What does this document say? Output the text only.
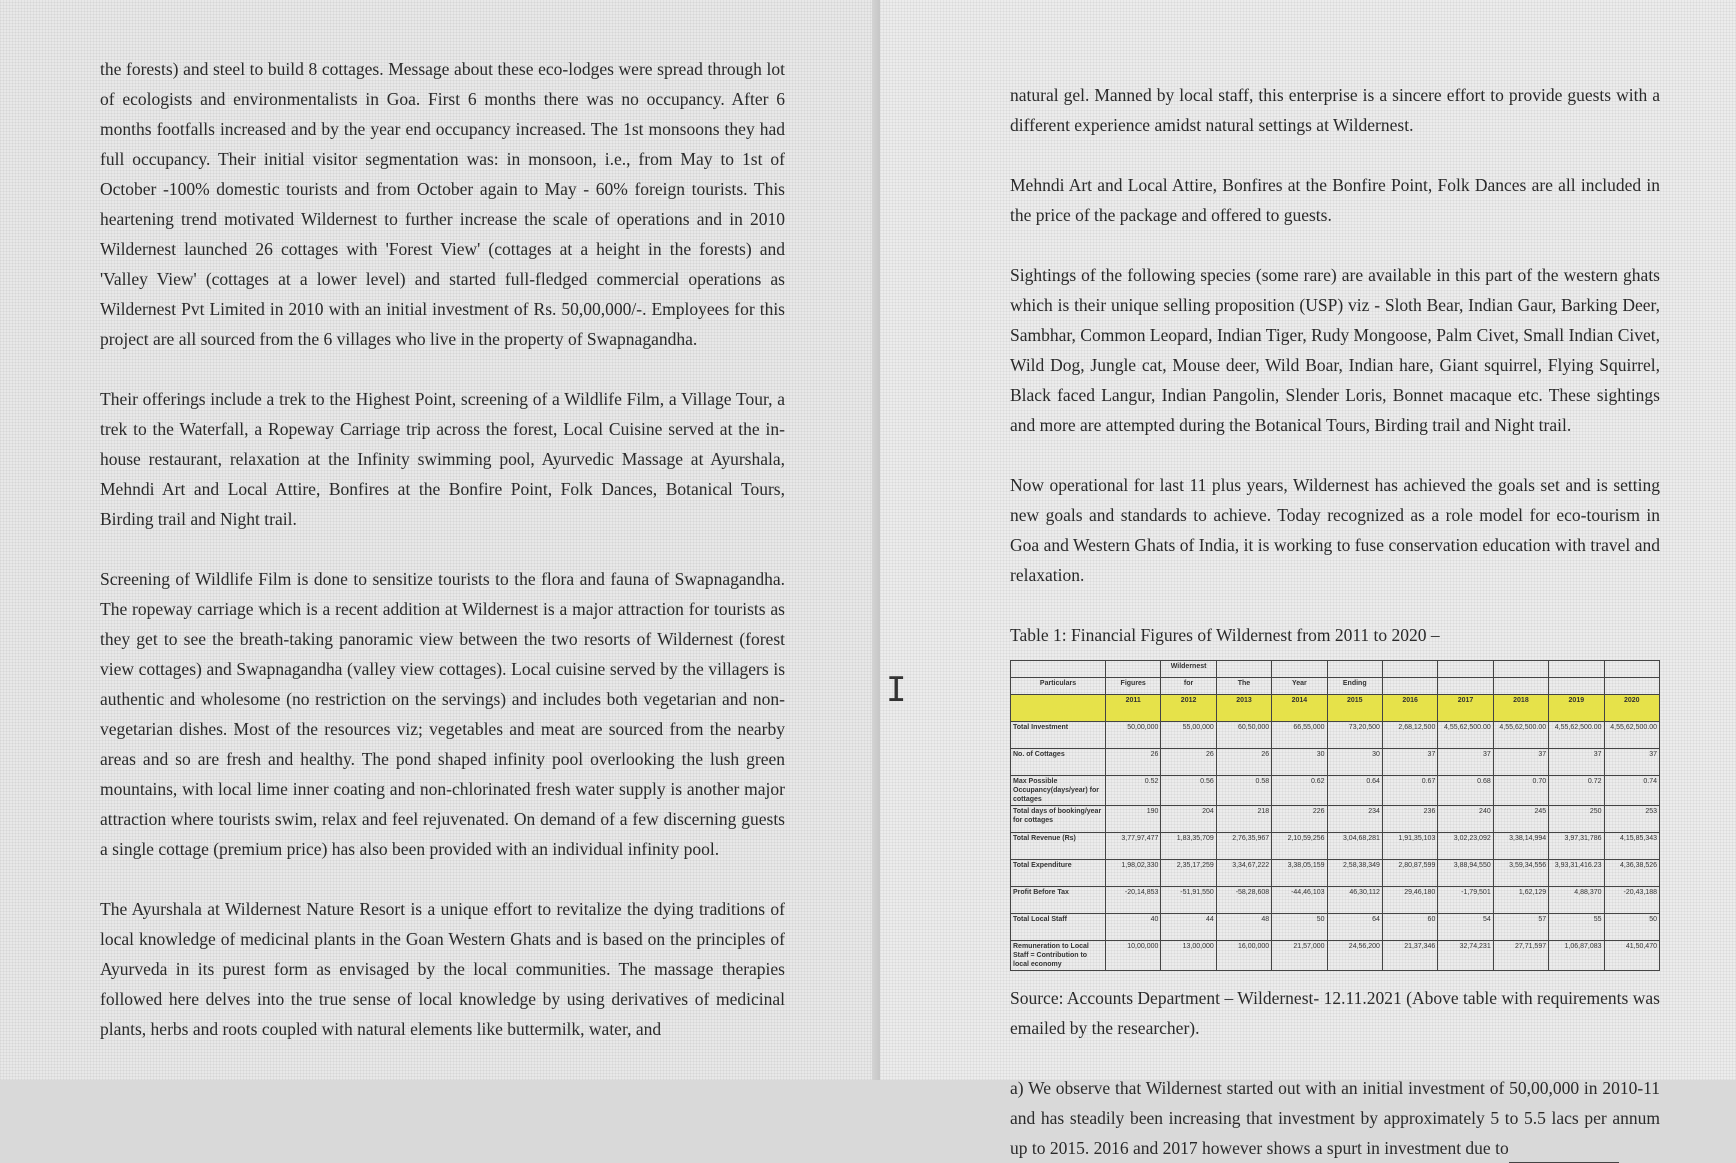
the forests) and steel to build 8 cottages. Message about these eco-lodges were spread through lot of ecologists and environmentalists in Goa. First 6 months there was no occupancy. After 6 months footfalls increased and by the year end occupancy increased. The 1st monsoons they had full occupancy. Their initial visitor segmentation was: in monsoon, i.e., from May to 1st of October -100% domestic tourists and from October again to May - 60% foreign tourists. This heartening trend motivated Wildernest to further increase the scale of operations and in 2010 Wildernest launched 26 cottages with 'Forest View' (cottages at a height in the forests) and 'Valley View' (cottages at a lower level) and started full-fledged commercial operations as Wildernest Pvt Limited in 2010 with an initial investment of Rs. 50,00,000/-. Employees for this project are all sourced from the 6 villages who live in the property of Swapnagandha.

Their offerings include a trek to the Highest Point, screening of a Wildlife Film, a Village Tour, a trek to the Waterfall, a Ropeway Carriage trip across the forest, Local Cuisine served at the in-house restaurant, relaxation at the Infinity swimming pool, Ayurvedic Massage at Ayurshala, Mehndi Art and Local Attire, Bonfires at the Bonfire Point, Folk Dances, Botanical Tours, Birding trail and Night trail.

Screening of Wildlife Film is done to sensitize tourists to the flora and fauna of Swapnagandha. The ropeway carriage which is a recent addition at Wildernest is a major attraction for tourists as they get to see the breath-taking panoramic view between the two resorts of Wildernest (forest view cottages) and Swapnagandha (valley view cottages). Local cuisine served by the villagers is authentic and wholesome (no restriction on the servings) and includes both vegetarian and non-vegetarian dishes. Most of the resources viz; vegetables and meat are sourced from the nearby areas and so are fresh and healthy. The pond shaped infinity pool overlooking the lush green mountains, with local lime inner coating and non-chlorinated fresh water supply is another major attraction where tourists swim, relax and feel rejuvenated. On demand of a few discerning guests a single cottage (premium price) has also been provided with an individual infinity pool.

The Ayurshala at Wildernest Nature Resort is a unique effort to revitalize the dying traditions of local knowledge of medicinal plants in the Goan Western Ghats and is based on the principles of Ayurveda in its purest form as envisaged by the local communities. The massage therapies followed here delves into the true sense of local knowledge by using derivatives of medicinal plants, herbs and roots coupled with natural elements like buttermilk, water, and

natural gel. Manned by local staff, this enterprise is a sincere effort to provide guests with a different experience amidst natural settings at Wildernest.

Mehndi Art and Local Attire, Bonfires at the Bonfire Point, Folk Dances are all included in the price of the package and offered to guests.

Sightings of the following species (some rare) are available in this part of the western ghats which is their unique selling proposition (USP) viz - Sloth Bear, Indian Gaur, Barking Deer, Sambhar, Common Leopard, Indian Tiger, Rudy Mongoose, Palm Civet, Small Indian Civet, Wild Dog, Jungle cat, Mouse deer, Wild Boar, Indian hare, Giant squirrel, Flying Squirrel, Black faced Langur, Indian Pangolin, Slender Loris, Bonnet macaque etc. These sightings and more are attempted during the Botanical Tours, Birding trail and Night trail.

Now operational for last 11 plus years, Wildernest has achieved the goals set and is setting new goals and standards to achieve. Today recognized as a role model for eco-tourism in Goa and Western Ghats of India, it is working to fuse conservation education with travel and relaxation.

Table 1: Financial Figures of Wildernest from 2011 to 2020 –
		Wildernest								
Particulars	Figures	for	The	Year	Ending					
	2011	2012	2013	2014	2015	2016	2017	2018	2019	2020
Total Investment	50,00,000	55,00,000	60,50,000	66,55,000	73,20,500	2,68,12,500	4,55,62,500.00	4,55,62,500.00	4,55,62,500.00	4,55,62,500.00
No. of Cottages	26	26	26	30	30	37	37	37	37	37
Max Possible Occupancy(days/year) for cottages	0.52	0.56	0.58	0.62	0.64	0.67	0.68	0.70	0.72	0.74
Total days of booking/year for cottages	190	204	218	226	234	236	240	245	250	253
Total Revenue (Rs)	3,77,97,477	1,83,35,709	2,76,35,967	2,10,59,256	3,04,68,281	1,91,35,103	3,02,23,092	3,38,14,994	3,97,31,786	4,15,85,343
Total Expenditure	1,98,02,330	2,35,17,259	3,34,67,222	3,38,05,159	2,58,38,349	2,80,87,599	3,88,94,550	3,59,34,556	3,93,31,416.23	4,36,38,526
Profit Before Tax	-20,14,853	-51,91,550	-58,28,608	-44,46,103	46,30,112	29,46,180	-1,79,501	1,62,129	4,88,370	-20,43,188
Total Local Staff	40	44	48	50	64	60	54	57	55	50
Remuneration to Local Staff = Contribution to local economy	10,00,000	13,00,000	16,00,000	21,57,000	24,56,200	21,37,346	32,74,231	27,71,597	1,06,87,083	41,50,470
Source: Accounts Department – Wildernest- 12.11.2021 (Above table with requirements was emailed by the researcher).
a) We observe that Wildernest started out with an initial investment of 50,00,000 in 2010-11 and has steadily been increasing that investment by approximately 5 to 5.5 lacs per annum up to 2015. 2016 and 2017 however shows a spurt in investment due to
I
